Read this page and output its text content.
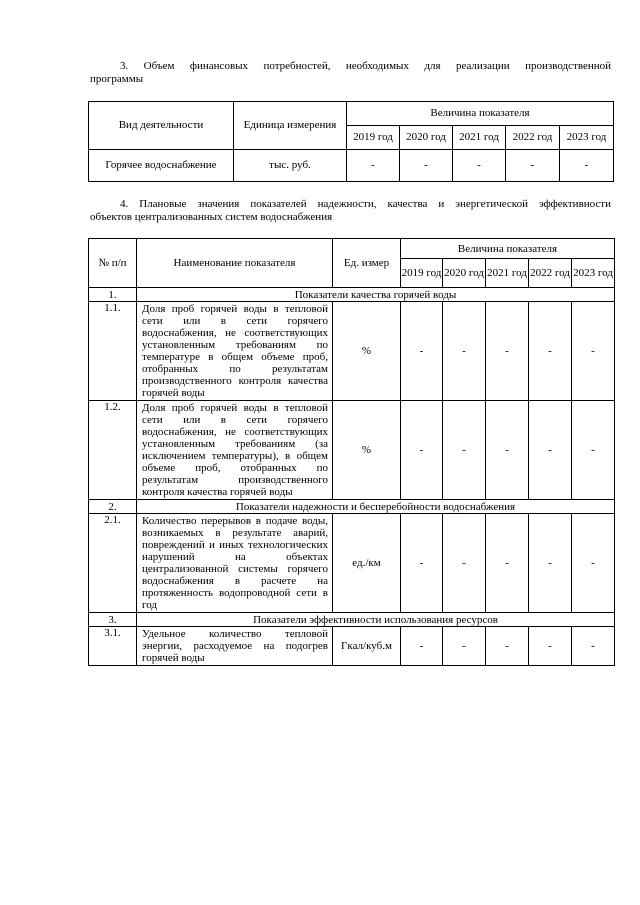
3. Объем финансовых потребностей, необходимых для реализации производственной
программы
Вид деятельности	Единица измерения	Величина показателя				
		2019 год	2020 год	2021 год	2022 год	2023 год
Горячее водоснабжение	тыс. руб.	-	-	-	-	-
4. Плановые значения показателей надежности, качества и энергетической эффективности
объектов централизованных систем водоснабжения
№ п/п	Наименование показателя	Ед. измер	Величина показателя				
			2019 год	2020 год	2021 год	2022 год	2023 год
1.	Показатели качества горячей воды						
1.1.	Доля проб горячей воды в тепловой сети или в сети горячего водоснабжения, не соответствующих установленным требованиям по температуре в общем объеме проб, отобранных по результатам производственного контроля качества горячей воды	%	-	-	-	-	-
1.2.	Доля проб горячей воды в тепловой сети или в сети горячего водоснабжения, не соответствующих установленным требованиям (за исключением температуры), в общем объеме проб, отобранных по результатам производственного контроля качества горячей воды	%	-	-	-	-	-
2.	Показатели надежности и бесперебойности водоснабжения						
2.1.	Количество перерывов в подаче воды, возникаемых в результате аварий, повреждений и иных технологических нарушений на объектах централизованной системы горячего водоснабжения в расчете на протяженность водопроводной сети в год	ед./км	-	-	-	-	-
3.	Показатели эффективности использования ресурсов						
3.1.	Удельное количество тепловой энергии, расходуемое на подогрев горячей воды	Гкал/куб.м	-	-	-	-	-
